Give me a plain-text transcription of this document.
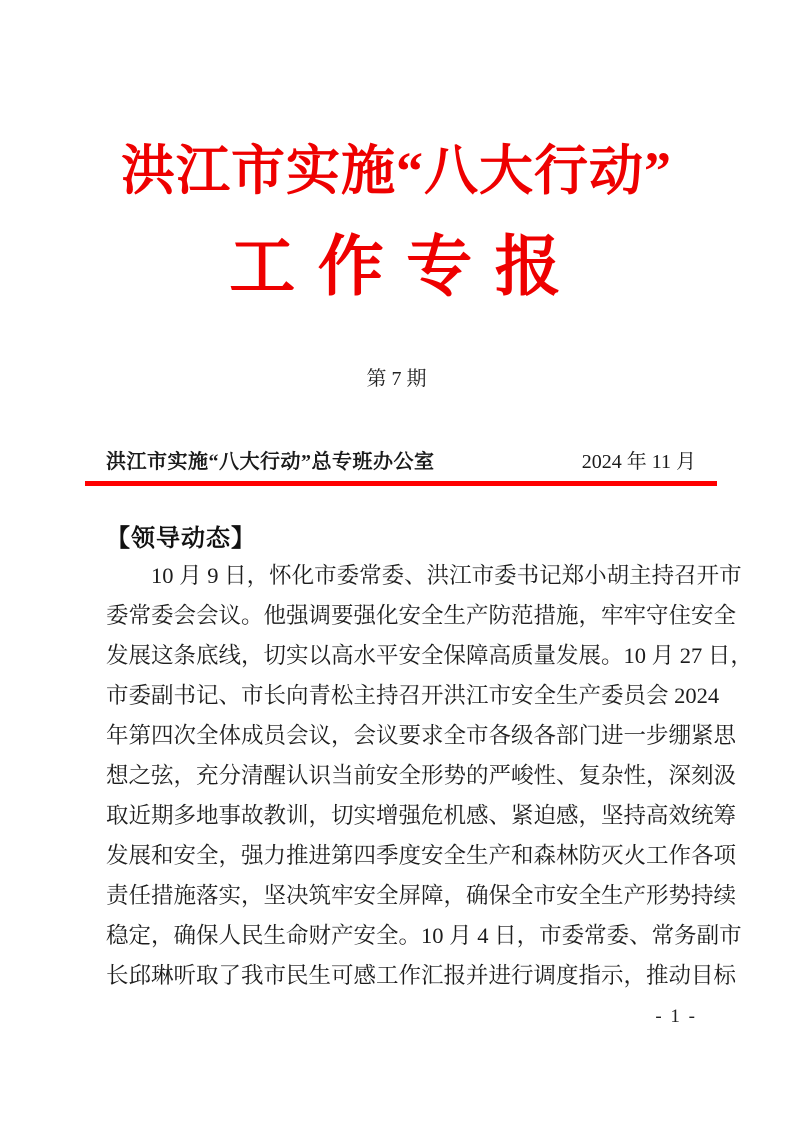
洪江市实施“八大行动”
工 作 专 报
第 7 期
洪江市实施“八大行动”总专班办公室	2024 年 11 月
【领导动态】
10 月 9 日，怀化市委常委、洪江市委书记郑小胡主持召开市
委常委会会议。他强调要强化安全生产防范措施，牢牢守住安全
发展这条底线，切实以高水平安全保障高质量发展。10 月 27 日，
市委副书记、市长向青松主持召开洪江市安全生产委员会 2024
年第四次全体成员会议，会议要求全市各级各部门进一步绷紧思
想之弦，充分清醒认识当前安全形势的严峻性、复杂性，深刻汲
取近期多地事故教训，切实增强危机感、紧迫感，坚持高效统筹
发展和安全，强力推进第四季度安全生产和森林防灭火工作各项
责任措施落实，坚决筑牢安全屏障，确保全市安全生产形势持续
稳定，确保人民生命财产安全。10 月 4 日，市委常委、常务副市
长邱琳听取了我市民生可感工作汇报并进行调度指示，推动目标
- 1 -
